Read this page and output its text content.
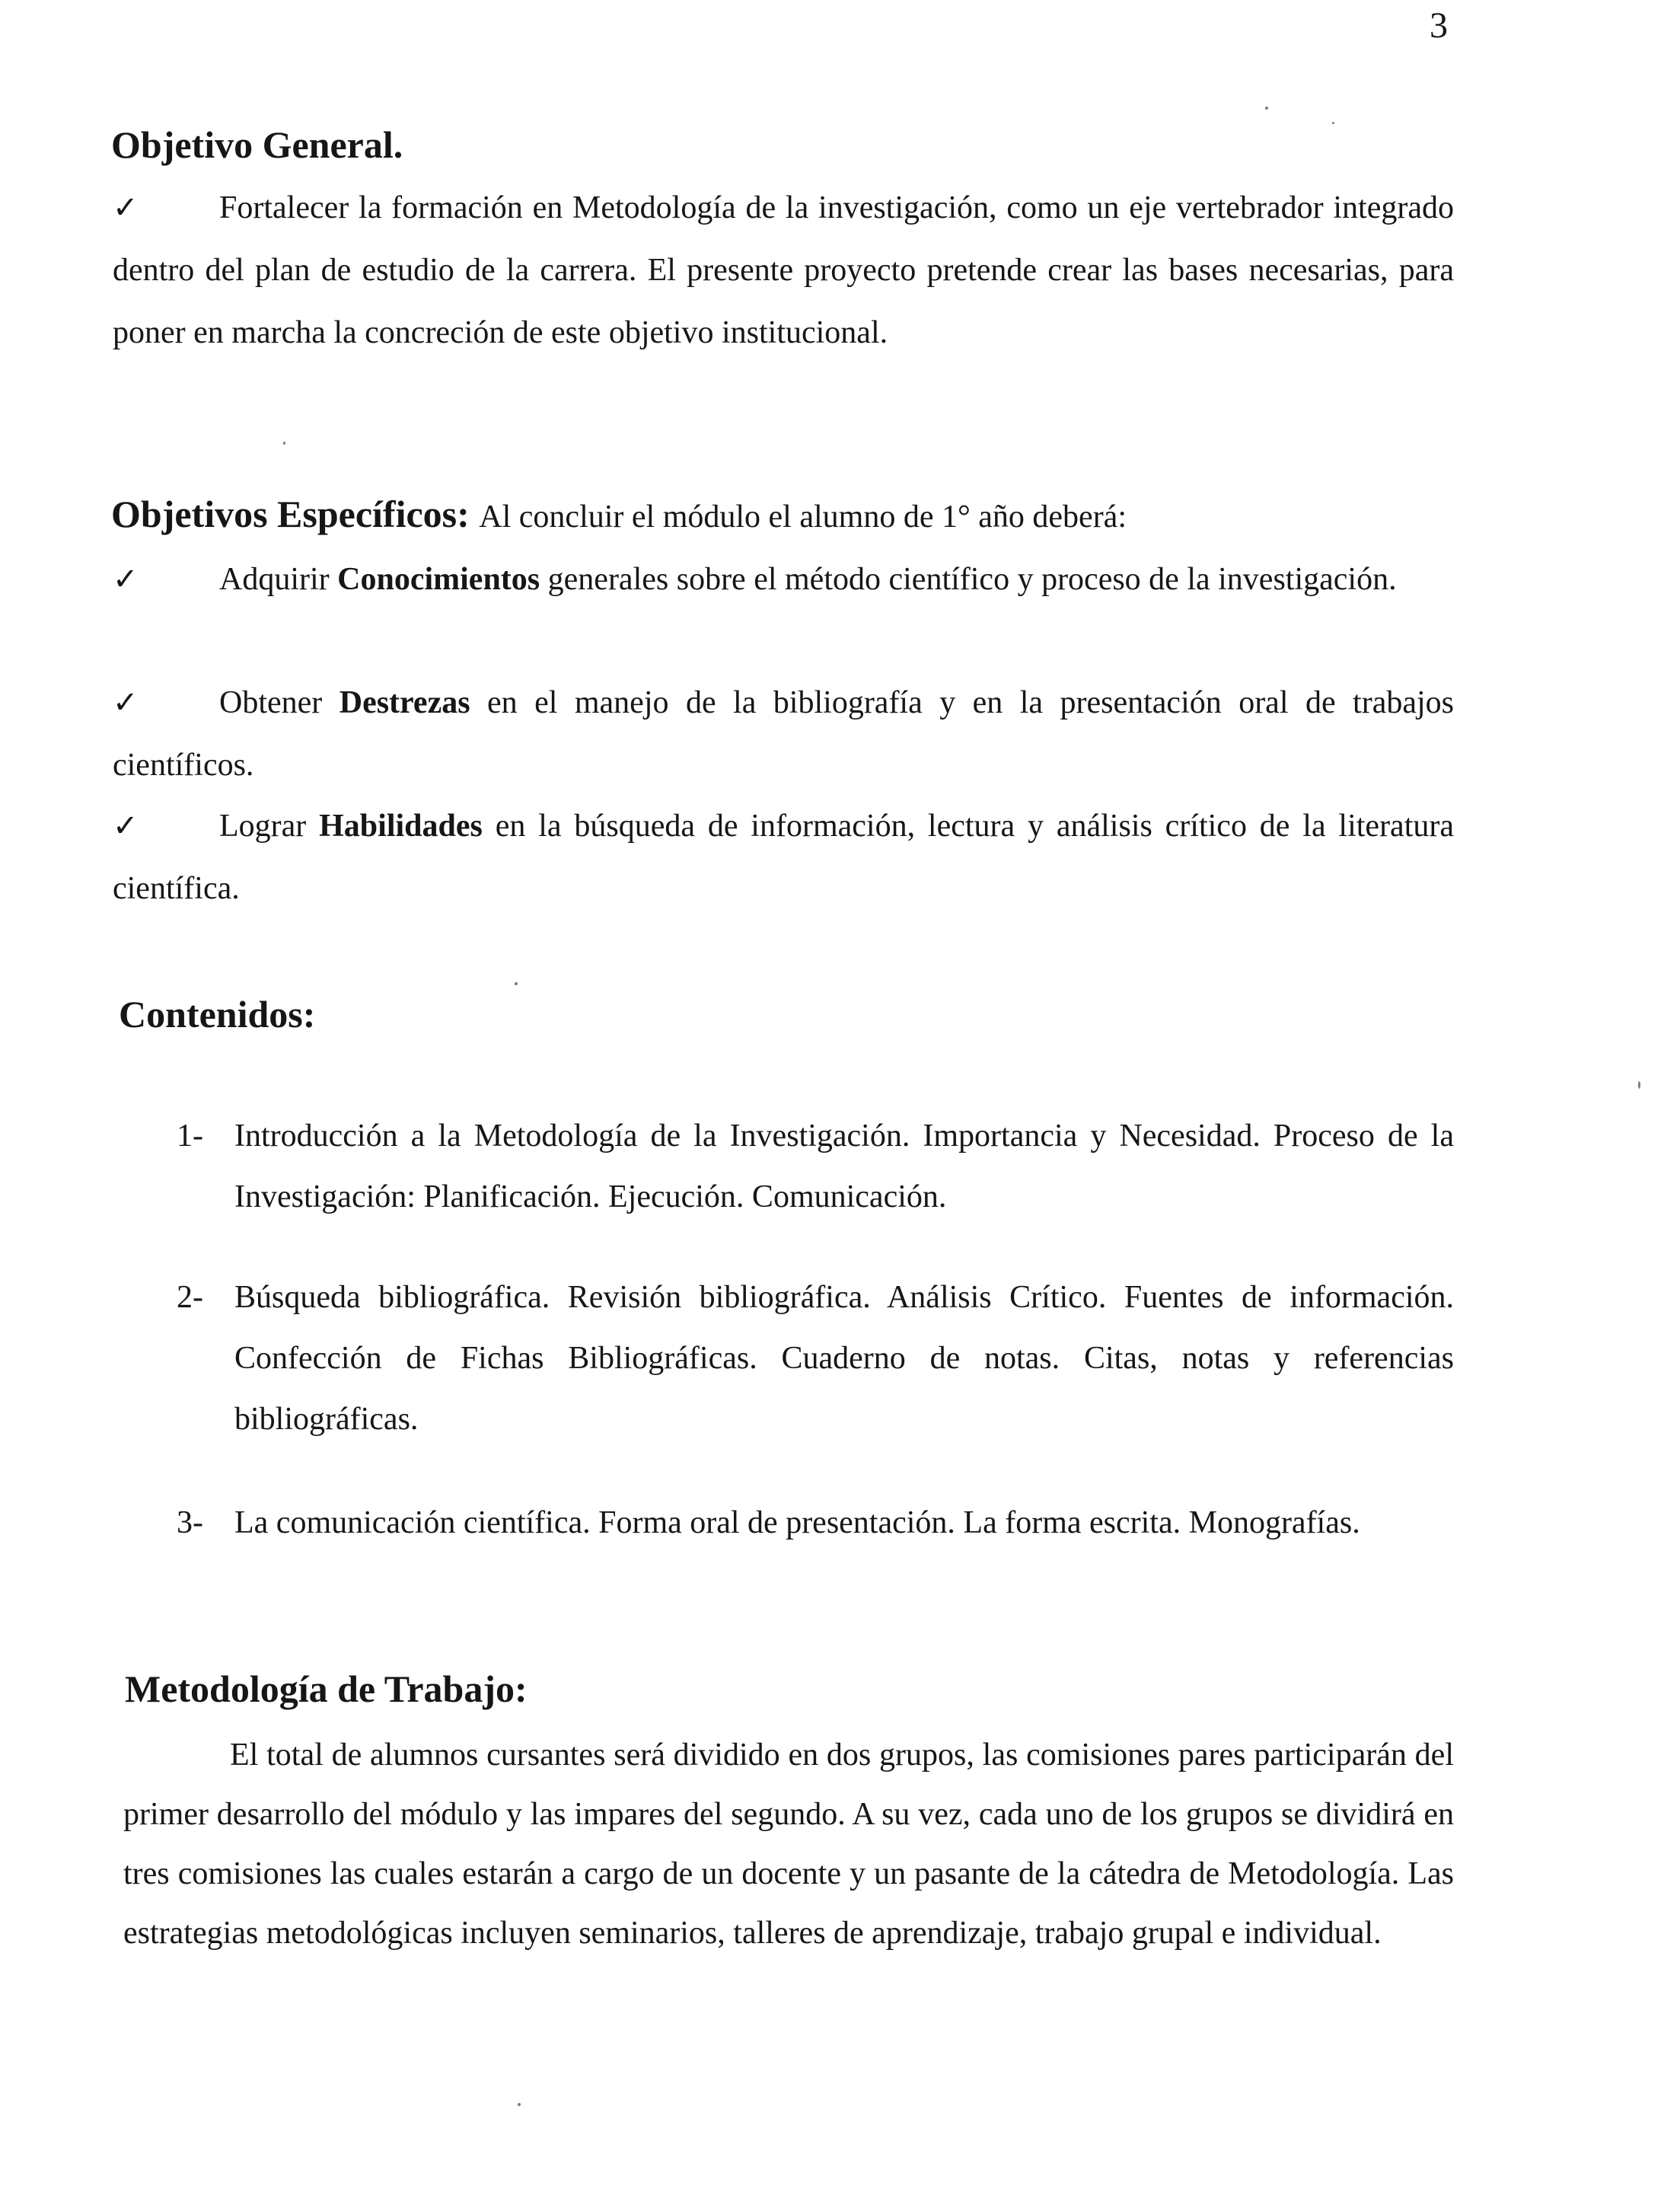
3
Objetivo General.
✓	Fortalecer la formación en Metodología de la investigación, como un eje vertebrador integrado dentro del plan de estudio de la carrera. El presente proyecto pretende crear las bases necesarias, para poner en marcha la concreción de este objetivo institucional.
Objetivos Específicos: Al concluir el módulo el alumno de 1° año deberá:
✓	Adquirir Conocimientos generales sobre el método científico y proceso de la investigación.
✓	Obtener Destrezas en el manejo de la bibliografía y en la presentación oral de trabajos científicos.
✓	Lograr Habilidades en la búsqueda de información, lectura y análisis crítico de la literatura científica.
Contenidos:
1- Introducción a la Metodología de la Investigación. Importancia y Necesidad. Proceso de la Investigación: Planificación. Ejecución. Comunicación.
2- Búsqueda bibliográfica. Revisión bibliográfica. Análisis Crítico. Fuentes de información. Confección de Fichas Bibliográficas. Cuaderno de notas. Citas, notas y referencias bibliográficas.
3- La comunicación científica. Forma oral de presentación. La forma escrita. Monografías.
Metodología de Trabajo:
El total de alumnos cursantes será dividido en dos grupos, las comisiones pares participarán del primer desarrollo del módulo y las impares del segundo. A su vez, cada uno de los grupos se dividirá en tres comisiones las cuales estarán a cargo de un docente y un pasante de la cátedra de Metodología. Las estrategias metodológicas incluyen seminarios, talleres de aprendizaje, trabajo grupal e individual.
